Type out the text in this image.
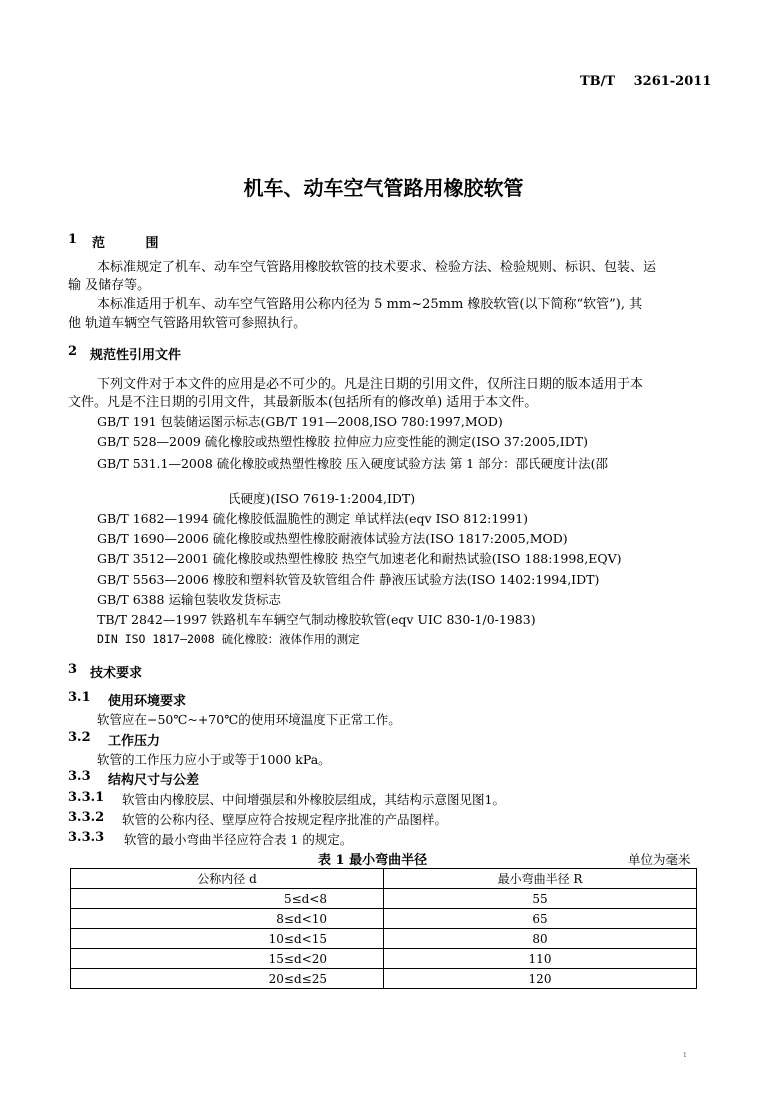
TB/T 3261-2011
机车、动车空气管路用橡胶软管
1 范 围
本标准规定了机车、动车空气管路用橡胶软管的技术要求、检验方法、检验规则、标识、包装、运
输 及储存等。
本标准适用于机车、动车空气管路用公称内径为 5 mm~25mm 橡胶软管(以下简称“软管”), 其
他 轨道车辆空气管路用软管可参照执行。
2 规范性引用文件
下列文件对于本文件的应用是必不可少的。凡是注日期的引用文件，仅所注日期的版本适用于本
文件。凡是不注日期的引用文件，其最新版本(包括所有的修改单) 适用于本文件。
GB/T 191 包装储运图示标志(GB/T 191—2008,ISO 780:1997,MOD)
GB/T 528—2009 硫化橡胶或热塑性橡胶 拉伸应力应变性能的测定(ISO 37:2005,IDT)
GB/T 531.1—2008 硫化橡胶或热塑性橡胶 压入硬度试验方法 第 1 部分：邵氏硬度计法(邵
氏硬度)(ISO 7619-1:2004,IDT)
GB/T 1682—1994 硫化橡胶低温脆性的测定 单试样法(eqv ISO 812:1991)
GB/T 1690—2006 硫化橡胶或热塑性橡胶耐液体试验方法(ISO 1817:2005,MOD)
GB/T 3512—2001 硫化橡胶或热塑性橡胶 热空气加速老化和耐热试验(ISO 188:1998,EQV)
GB/T 5563—2006 橡胶和塑料软管及软管组合件 静液压试验方法(ISO 1402:1994,IDT)
GB/T 6388 运输包装收发货标志
TB/T 2842—1997 铁路机车车辆空气制动橡胶软管(eqv UIC 830-1/0-1983)
DIN ISO 1817—2008 硫化橡胶：液体作用的测定
3 技术要求
3.1 使用环境要求
软管应在−50℃~+70℃的使用环境温度下正常工作。
3.2 工作压力
软管的工作压力应小于或等于1000 kPa。
3.3 结构尺寸与公差
3.3.1 软管由内橡胶层、中间增强层和外橡胶层组成，其结构示意图见图1。
3.3.2 软管的公称内径、壁厚应符合按规定程序批准的产品图样。
3.3.3 软管的最小弯曲半径应符合表 1 的规定。
表 1 最小弯曲半径	单位为毫米
公称内径 d	最小弯曲半径 R
5≤d<8	55
8≤d<10	65
10≤d<15	80
15≤d<20	110
20≤d≤25	120
1
